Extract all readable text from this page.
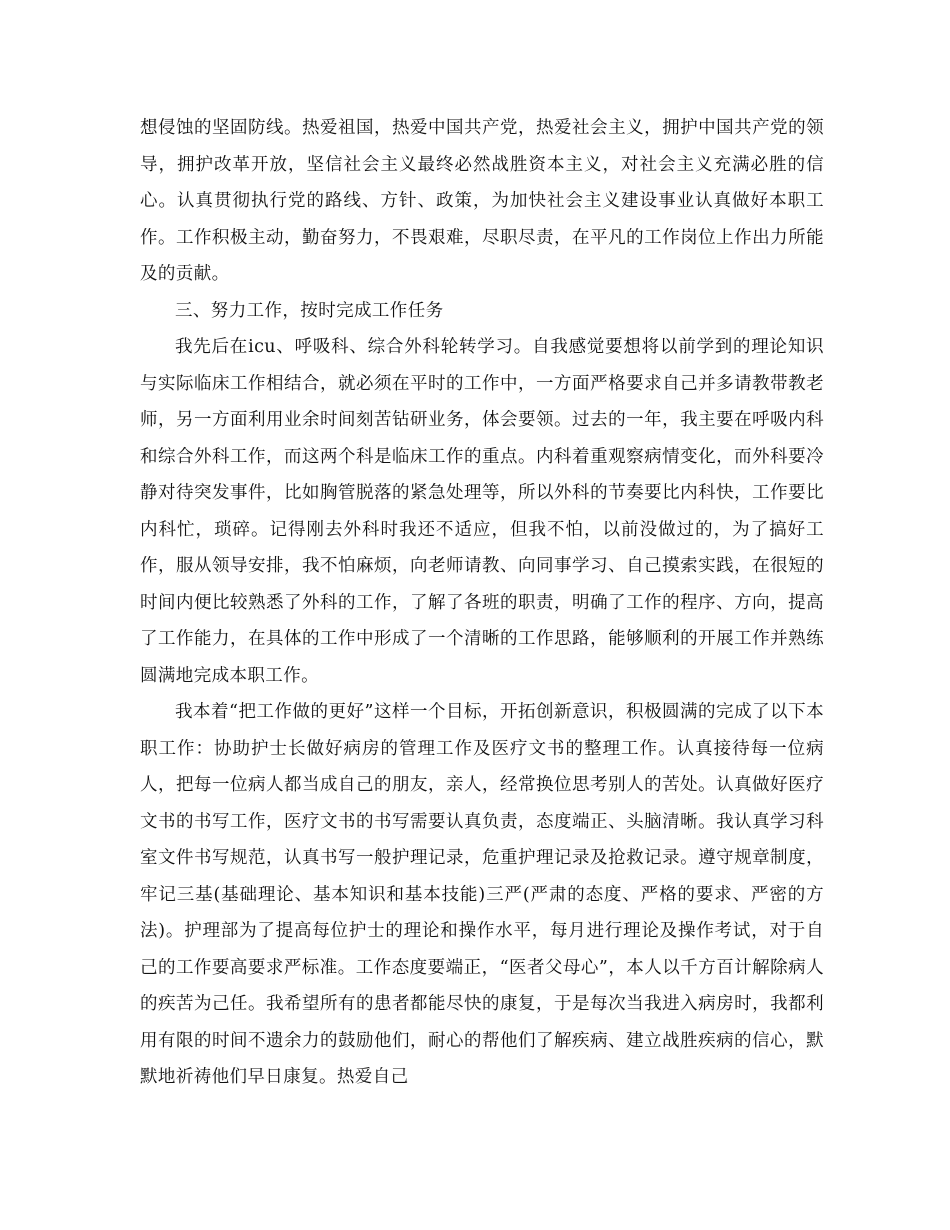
想侵蚀的坚固防线。热爱祖国，热爱中国共产党，热爱社会主义，拥护中国共产党的领导，拥护改革开放，坚信社会主义最终必然战胜资本主义，对社会主义充满必胜的信心。认真贯彻执行党的路线、方针、政策，为加快社会主义建设事业认真做好本职工作。工作积极主动，勤奋努力，不畏艰难，尽职尽责，在平凡的工作岗位上作出力所能及的贡献。

三、努力工作，按时完成工作任务

我先后在icu、呼吸科、综合外科轮转学习。自我感觉要想将以前学到的理论知识与实际临床工作相结合，就必须在平时的工作中，一方面严格要求自己并多请教带教老师，另一方面利用业余时间刻苦钻研业务，体会要领。过去的一年，我主要在呼吸内科和综合外科工作，而这两个科是临床工作的重点。内科着重观察病情变化，而外科要冷静对待突发事件，比如胸管脱落的紧急处理等，所以外科的节奏要比内科快，工作要比内科忙，琐碎。记得刚去外科时我还不适应，但我不怕，以前没做过的，为了搞好工作，服从领导安排，我不怕麻烦，向老师请教、向同事学习、自己摸索实践，在很短的时间内便比较熟悉了外科的工作，了解了各班的职责，明确了工作的程序、方向，提高了工作能力，在具体的工作中形成了一个清晰的工作思路，能够顺利的开展工作并熟练圆满地完成本职工作。

我本着“把工作做的更好”这样一个目标，开拓创新意识，积极圆满的完成了以下本职工作：协助护士长做好病房的管理工作及医疗文书的整理工作。认真接待每一位病人，把每一位病人都当成自己的朋友，亲人，经常换位思考别人的苦处。认真做好医疗文书的书写工作，医疗文书的书写需要认真负责，态度端正、头脑清晰。我认真学习科室文件书写规范，认真书写一般护理记录，危重护理记录及抢救记录。遵守规章制度，牢记三基(基础理论、基本知识和基本技能)三严(严肃的态度、严格的要求、严密的方法)。护理部为了提高每位护士的理论和操作水平，每月进行理论及操作考试，对于自己的工作要高要求严标准。工作态度要端正，“医者父母心”，本人以千方百计解除病人的疾苦为己任。我希望所有的患者都能尽快的康复，于是每次当我进入病房时，我都利用有限的时间不遗余力的鼓励他们，耐心的帮他们了解疾病、建立战胜疾病的信心，默默地祈祷他们早日康复。热爱自己
